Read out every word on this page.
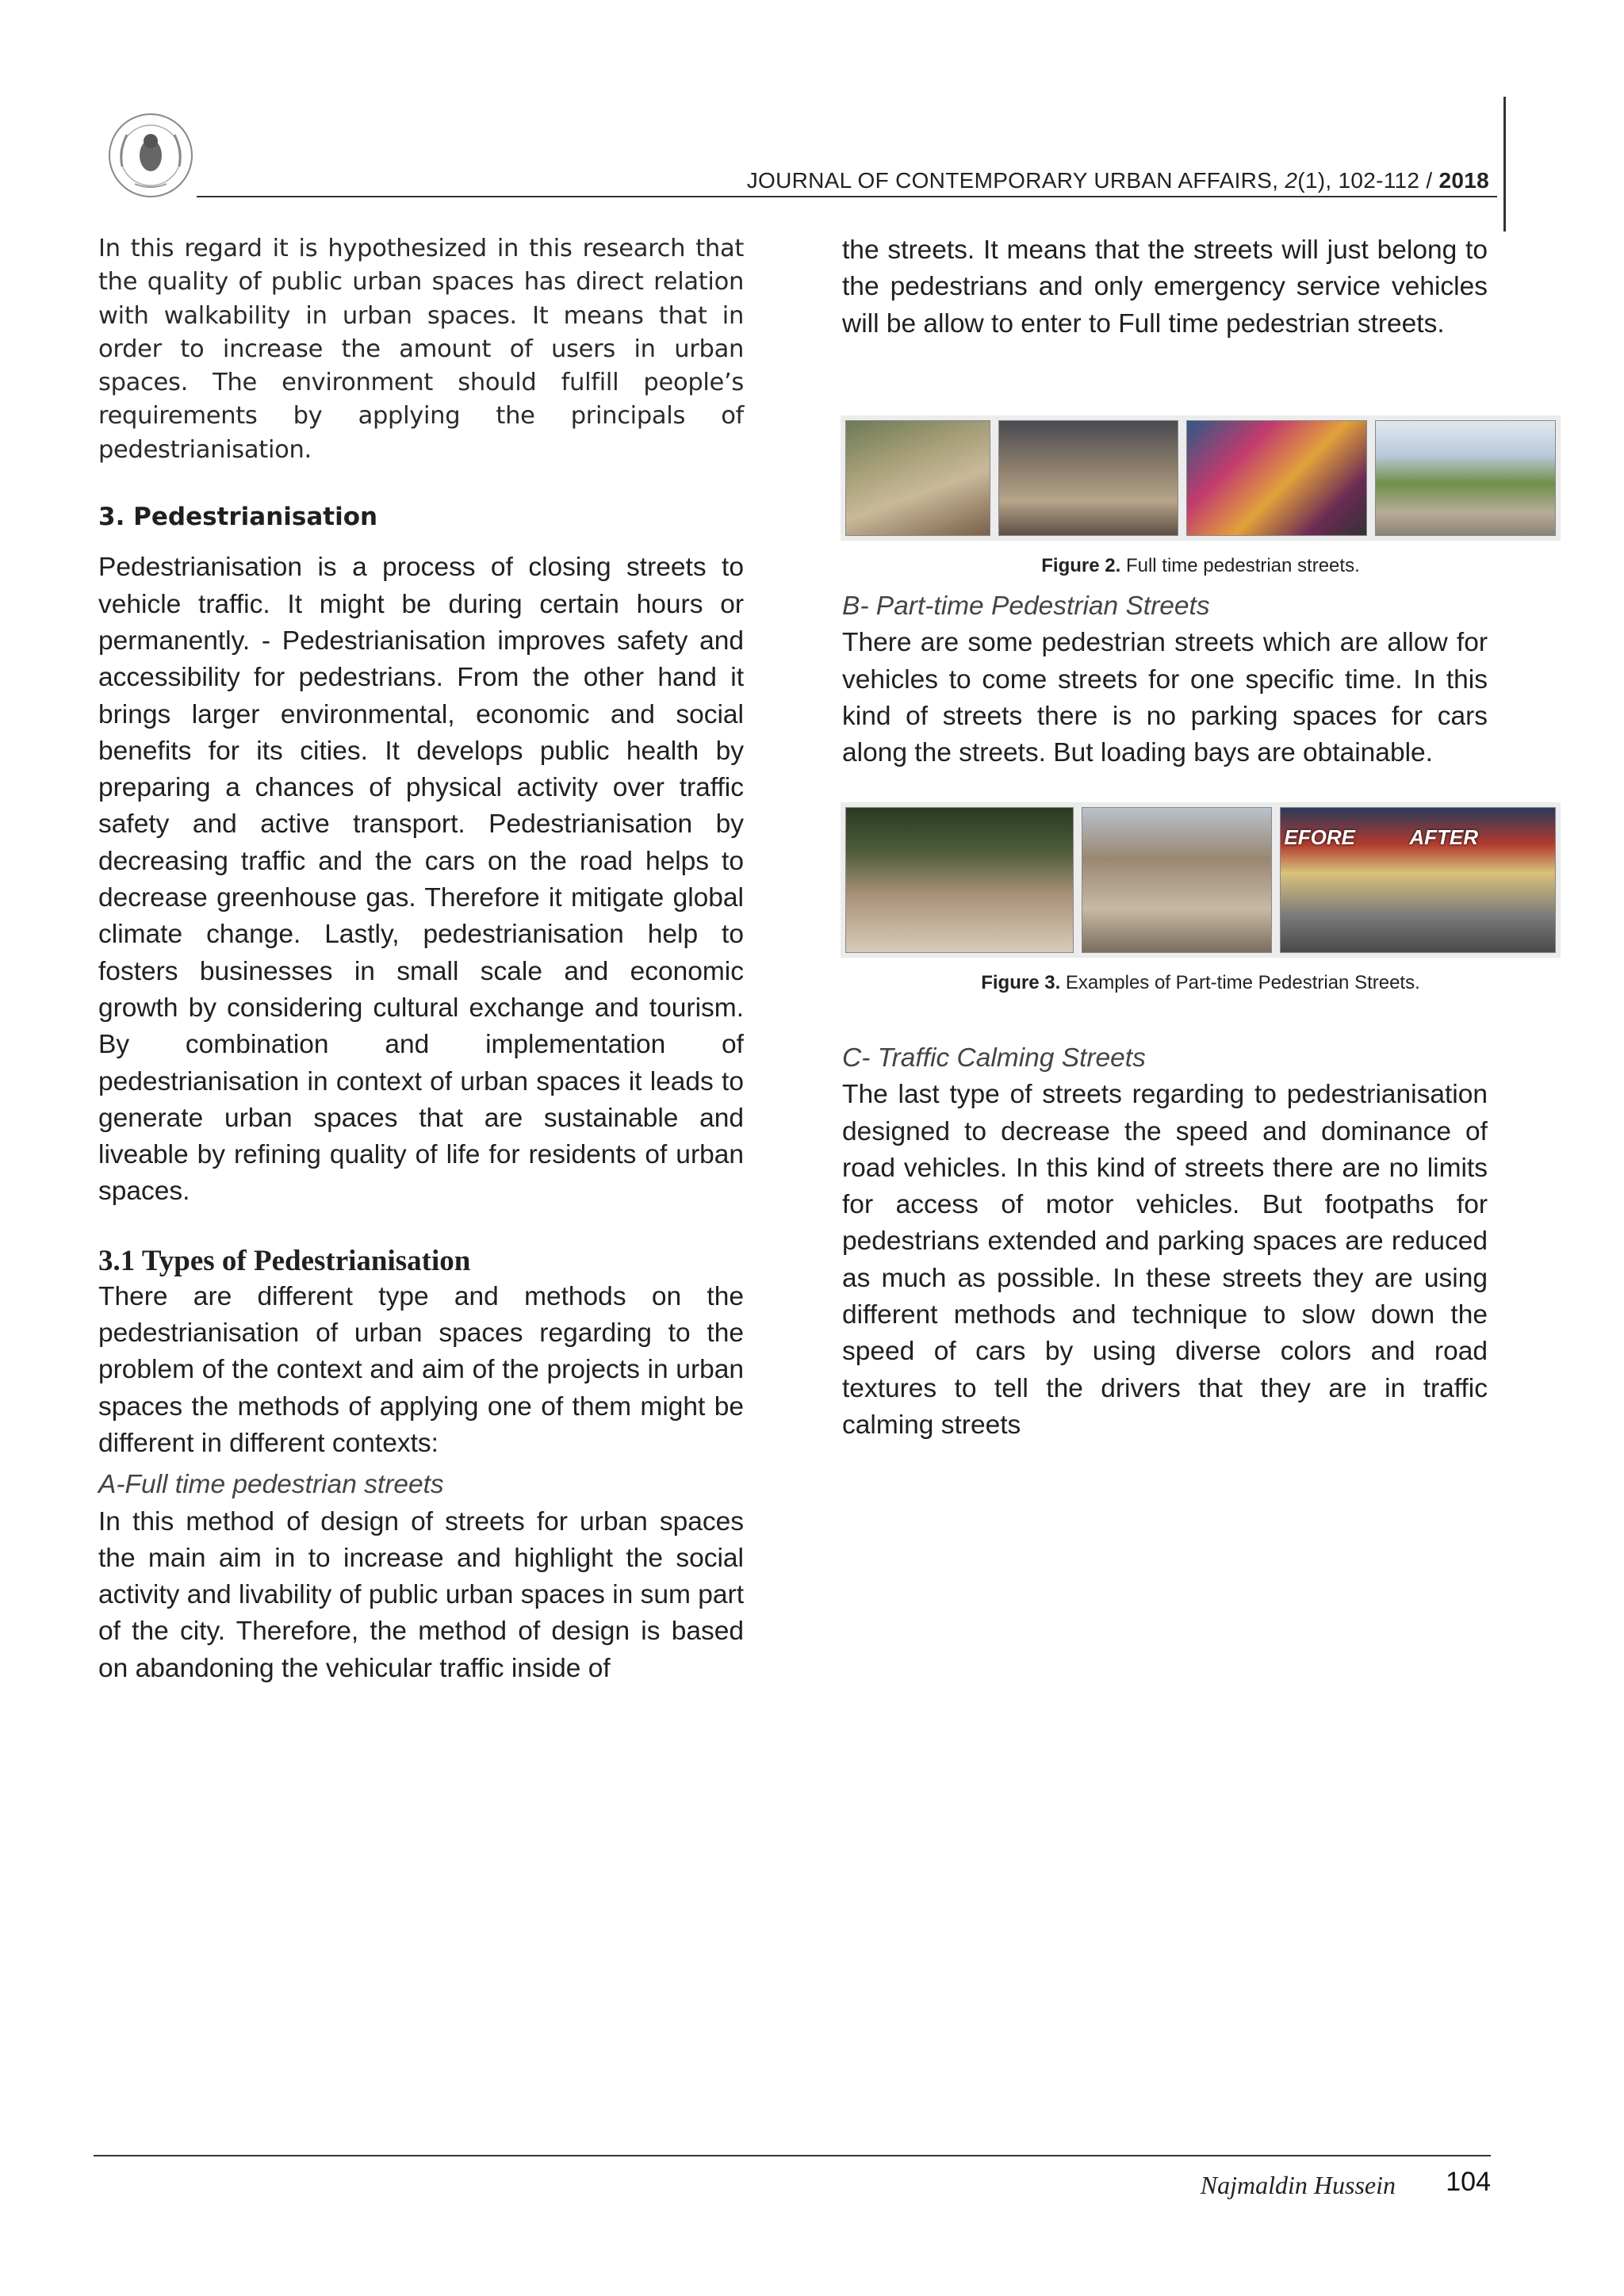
JOURNAL OF CONTEMPORARY URBAN AFFAIRS, 2(1), 102-112 / 2018

In this regard it is hypothesized in this research that the quality of public urban spaces has direct relation with walkability in urban spaces. It means that in order to increase the amount of users in urban spaces. The environment should fulfill people’s requirements by applying the principals of pedestrianisation.

3. Pedestrianisation

Pedestrianisation is a process of closing streets to vehicle traffic. It might be during certain hours or permanently. - Pedestrianisation improves safety and accessibility for pedestrians. From the other hand it brings larger environmental, economic and social benefits for its cities. It develops public health by preparing a chances of physical activity over traffic safety and active transport. Pedestrianisation by decreasing traffic and the cars on the road helps to decrease greenhouse gas. Therefore it mitigate global climate change. Lastly, pedestrianisation help to fosters businesses in small scale and economic growth by considering cultural exchange and tourism. By combination and implementation of pedestrianisation in context of urban spaces it leads to generate urban spaces that are sustainable and liveable by refining quality of life for residents of urban spaces.

3.1 Types of Pedestrianisation

There are different type and methods on the pedestrianisation of urban spaces regarding to the problem of the context and aim of the projects in urban spaces the methods of applying one of them might be different in different contexts:

A-Full time pedestrian streets

In this method of design of streets for urban spaces the main aim in to increase and highlight the social activity and livability of public urban spaces in sum part of the city. Therefore, the method of design is based on abandoning the vehicular traffic inside of

the streets. It means that the streets will just belong to the pedestrians and only emergency service vehicles will be allow to enter to Full time pedestrian streets.

Figure 2. Full time pedestrian streets.
B- Part-time Pedestrian Streets

There are some pedestrian streets which are allow for vehicles to come streets for one specific time. In this kind of streets there is no parking spaces for cars along the streets. But loading bays are obtainable.

EFORE	AFTER
Figure 3. Examples of Part-time Pedestrian Streets.
C- Traffic Calming Streets

The last type of streets regarding to pedestrianisation designed to decrease the speed and dominance of road vehicles. In this kind of streets there are no limits for access of motor vehicles. But footpaths for pedestrians extended and parking spaces are reduced as much as possible. In these streets they are using different methods and technique to slow down the speed of cars by using diverse colors and road textures to tell the drivers that they are in traffic calming streets

Najmaldin Hussein	104
